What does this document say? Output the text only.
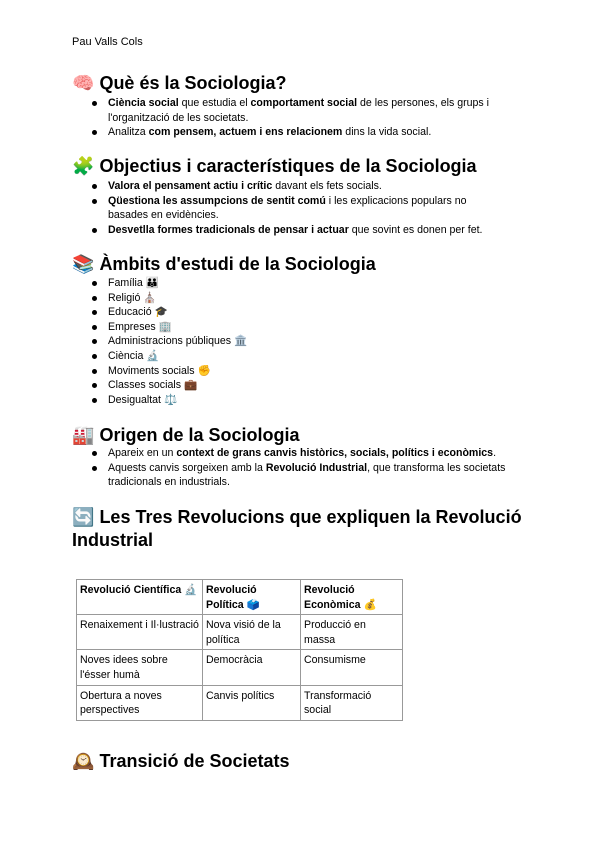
Pau Valls Cols
🧠 Què és la Sociologia?
Ciència social que estudia el comportament social de les persones, els grups i l'organització de les societats.
Analitza com pensem, actuem i ens relacionem dins la vida social.
🧩 Objectius i característiques de la Sociologia
Valora el pensament actiu i crític davant els fets socials.
Qüestiona les assumpcions de sentit comú i les explicacions populars no basades en evidències.
Desvetlla formes tradicionals de pensar i actuar que sovint es donen per fet.
📚 Àmbits d'estudi de la Sociologia
Família 👪
Religió ⛪
Educació 🎓
Empreses 🏢
Administracions públiques 🏛️
Ciència 🔬
Moviments socials ✊
Classes socials 💼
Desigualtat ⚖️
🏭 Origen de la Sociologia
Apareix en un context de grans canvis històrics, socials, polítics i econòmics.
Aquests canvis sorgeixen amb la Revolució Industrial, que transforma les societats tradicionals en industrials.
🔄 Les Tres Revolucions que expliquen la Revolució Industrial
Revolució Científica 🔬	Revolució Política 🗳️	Revolució Econòmica 💰
Renaixement i Il·lustració	Nova visió de la política	Producció en massa
Noves idees sobre l'ésser humà	Democràcia	Consumisme
Obertura a noves perspectives	Canvis polítics	Transformació social
🕰️ Transició de Societats
